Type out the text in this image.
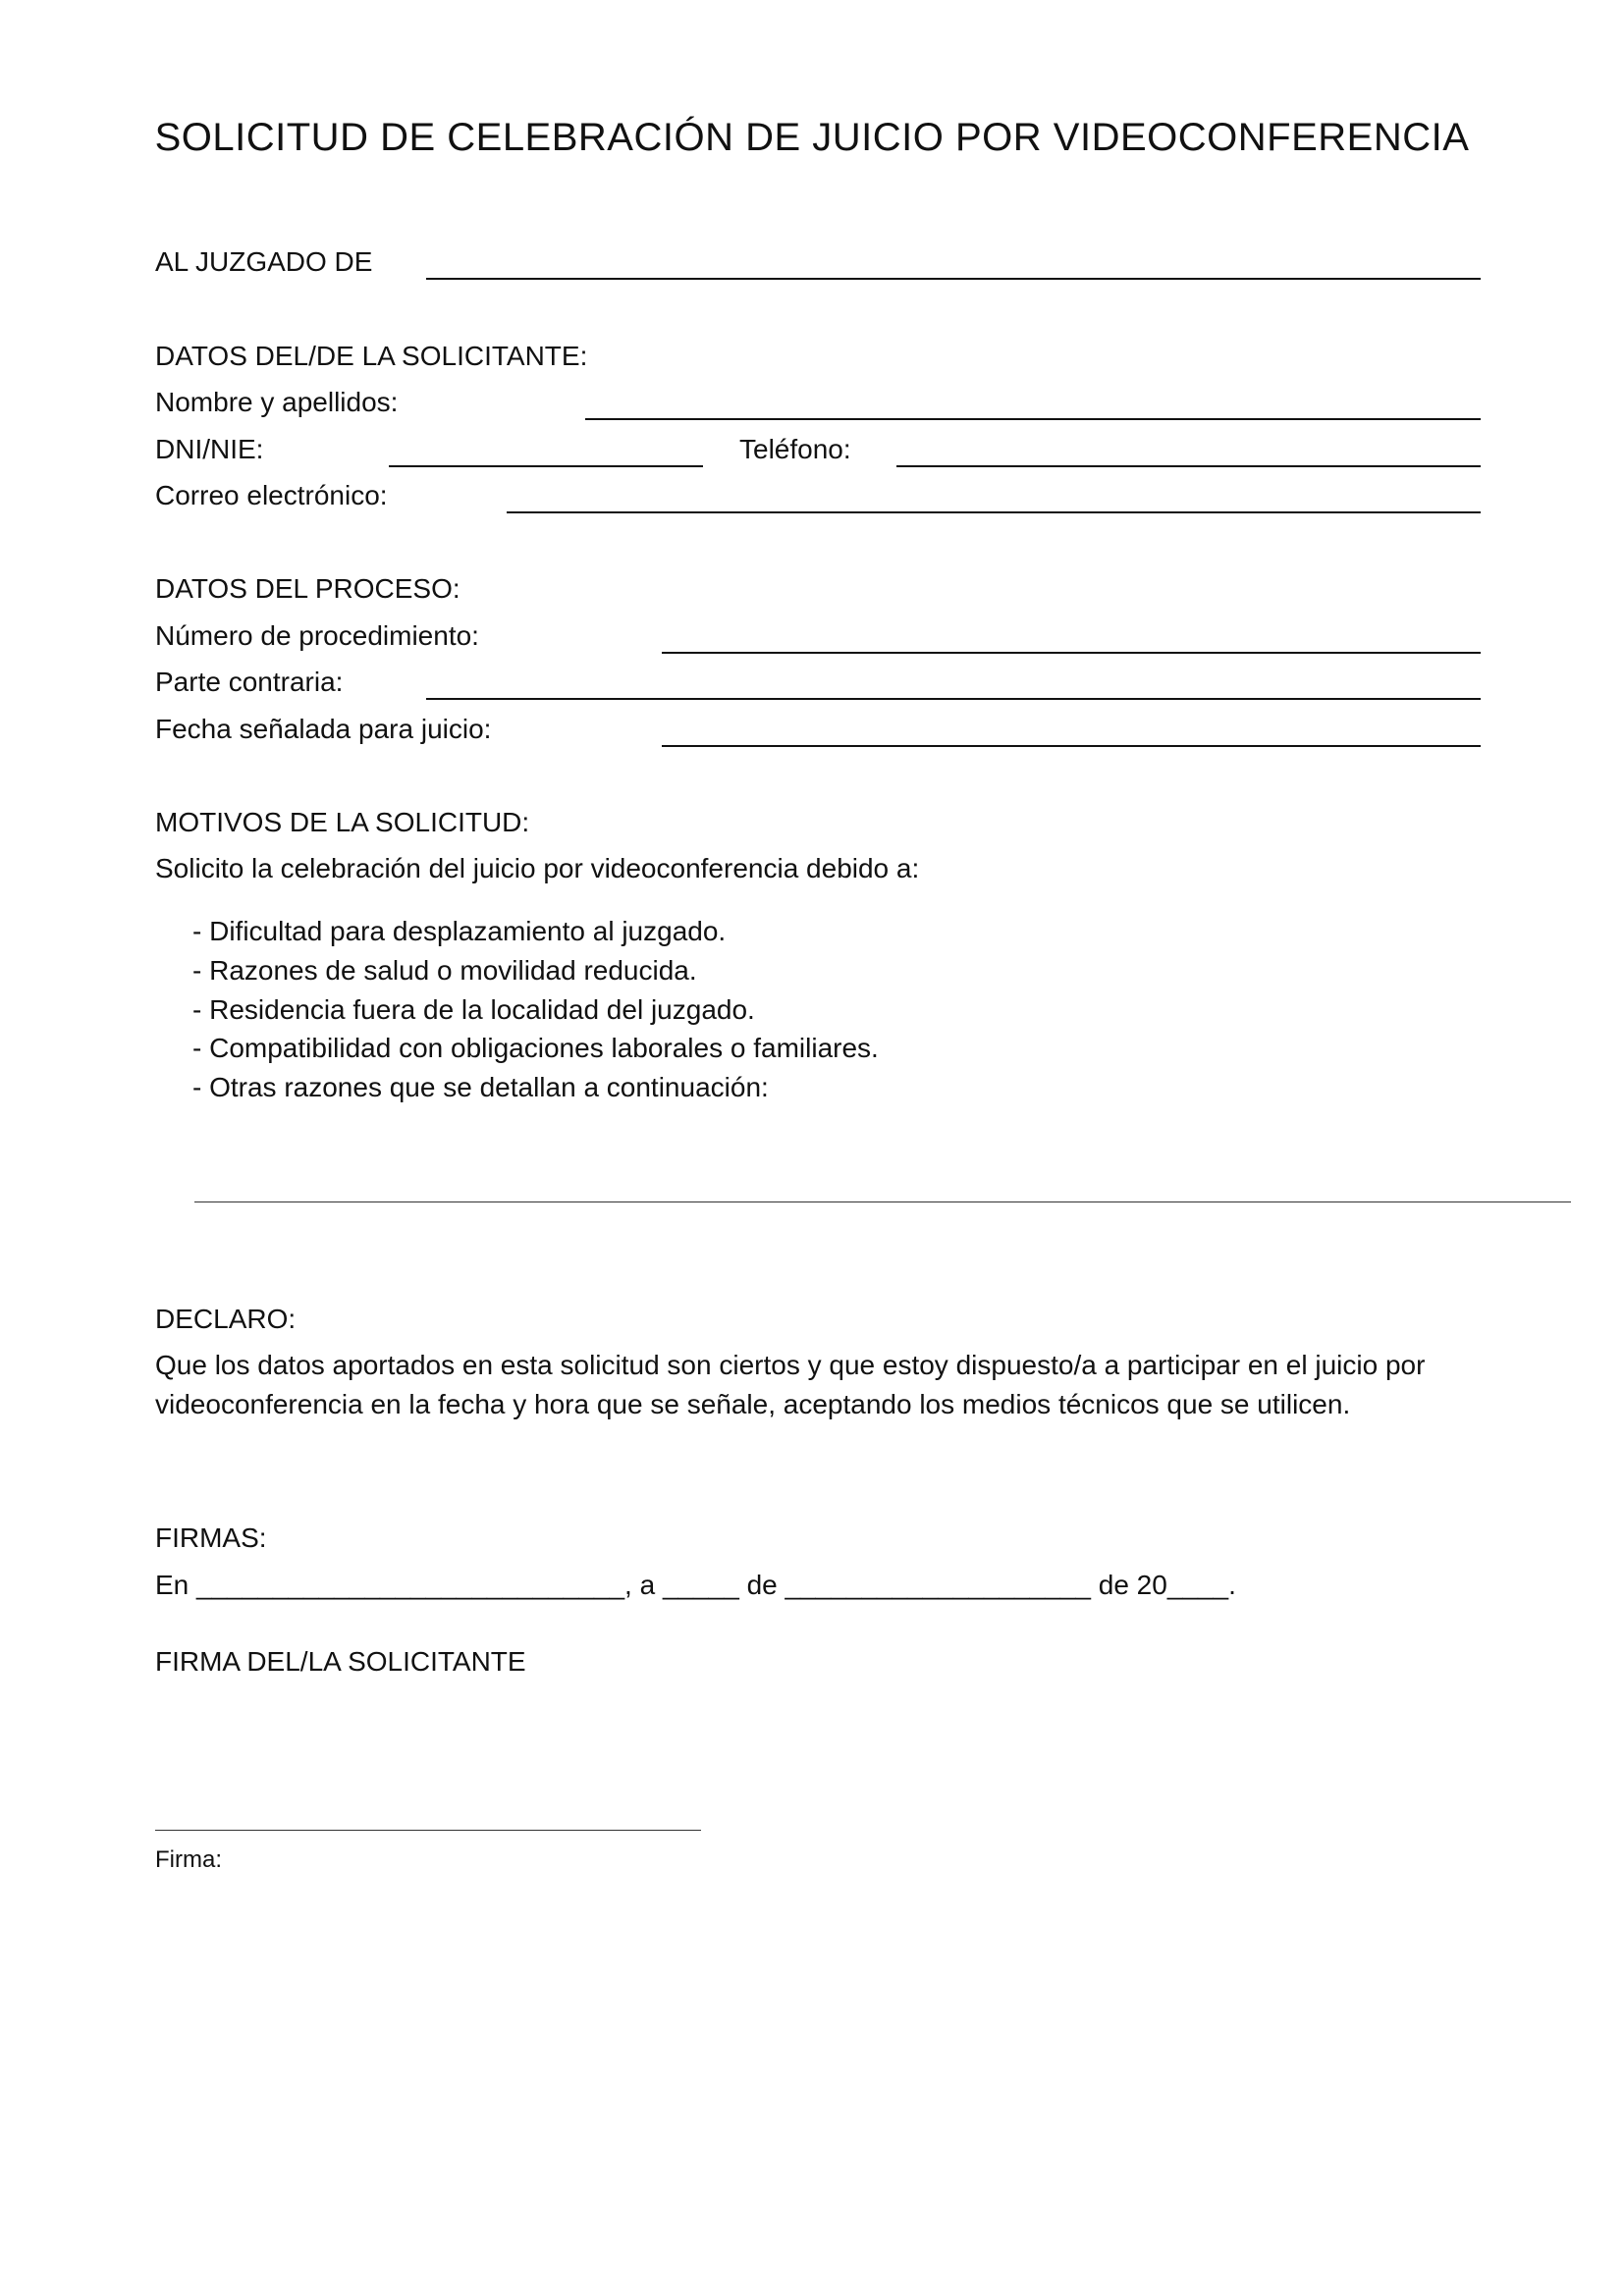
SOLICITUD DE CELEBRACIÓN DE JUICIO POR VIDEOCONFERENCIA
AL JUZGADO DE
DATOS DEL/DE LA SOLICITANTE:
Nombre y apellidos:
DNI/NIE:	Teléfono:
Correo electrónico:
DATOS DEL PROCESO:
Número de procedimiento:
Parte contraria:
Fecha señalada para juicio:
MOTIVOS DE LA SOLICITUD:
Solicito la celebración del juicio por videoconferencia debido a:
- Dificultad para desplazamiento al juzgado.
- Razones de salud o movilidad reducida.
- Residencia fuera de la localidad del juzgado.
- Compatibilidad con obligaciones laborales o familiares.
- Otras razones que se detallan a continuación:
DECLARO:
Que los datos aportados en esta solicitud son ciertos y que estoy dispuesto/a a participar en el juicio por
videoconferencia en la fecha y hora que se señale, aceptando los medios técnicos que se utilicen.
FIRMAS:
En ____________________________, a _____ de ____________________ de 20____.
FIRMA DEL/LA SOLICITANTE
Firma:
